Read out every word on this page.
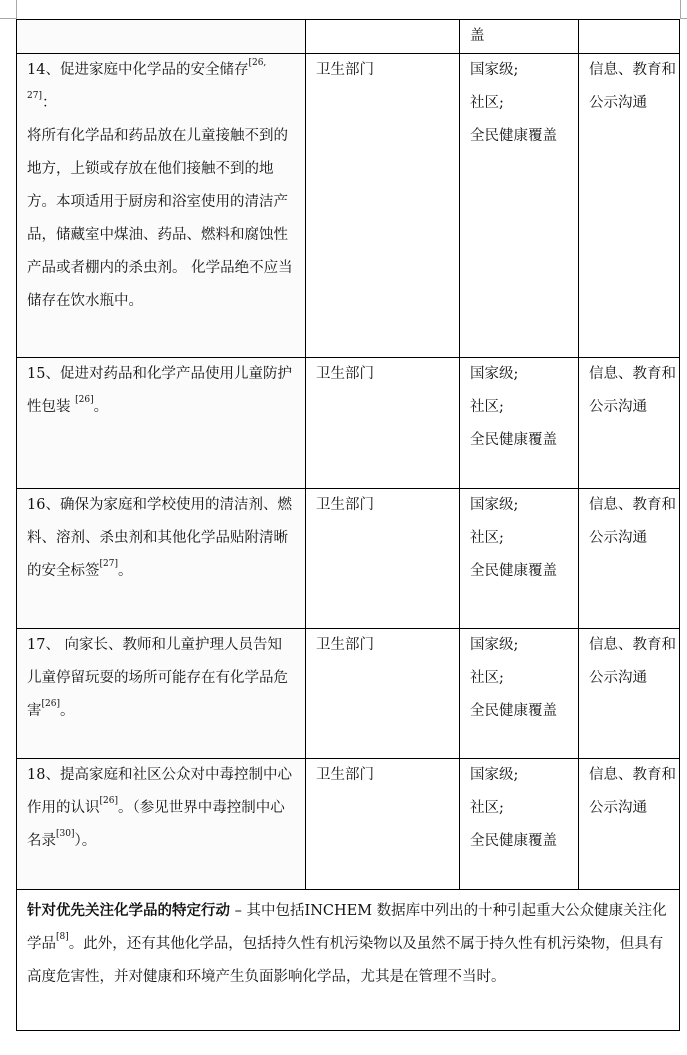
		盖	

14、促进家庭中化学品的安全储存[26, 27]：
将所有化学品和药品放在儿童接触不到的地方，上锁或存放在他们接触不到的地方。本项适用于厨房和浴室使用的清洁产品，储藏室中煤油、药品、燃料和腐蚀性产品或者棚内的杀虫剂。 化学品绝不应当储存在饮水瓶中。	卫生部门	国家级;
社区;
全民健康覆盖	信息、教育和公示沟通

15、促进对药品和化学产品使用儿童防护性包装 [26]。	卫生部门	国家级;
社区;
全民健康覆盖	信息、教育和公示沟通

16、确保为家庭和学校使用的清洁剂、燃料、溶剂、杀虫剂和其他化学品贴附清晰的安全标签[27]。	卫生部门	国家级;
社区;
全民健康覆盖	信息、教育和公示沟通

17、 向家长、教师和儿童护理人员告知儿童停留玩耍的场所可能存在有化学品危害[26]。	卫生部门	国家级;
社区;
全民健康覆盖	信息、教育和公示沟通

18、提高家庭和社区公众对中毒控制中心作用的认识[26]。（参见世界中毒控制中心名录[30]）。	卫生部门	国家级;
社区;
全民健康覆盖	信息、教育和公示沟通
针对优先关注化学品的特定行动 – 其中包括INCHEM 数据库中列出的十种引起重大公众健康关注化学品[8]。此外，还有其他化学品，包括持久性有机污染物以及虽然不属于持久性有机污染物，但具有高度危害性，并对健康和环境产生负面影响化学品，尤其是在管理不当时。			
